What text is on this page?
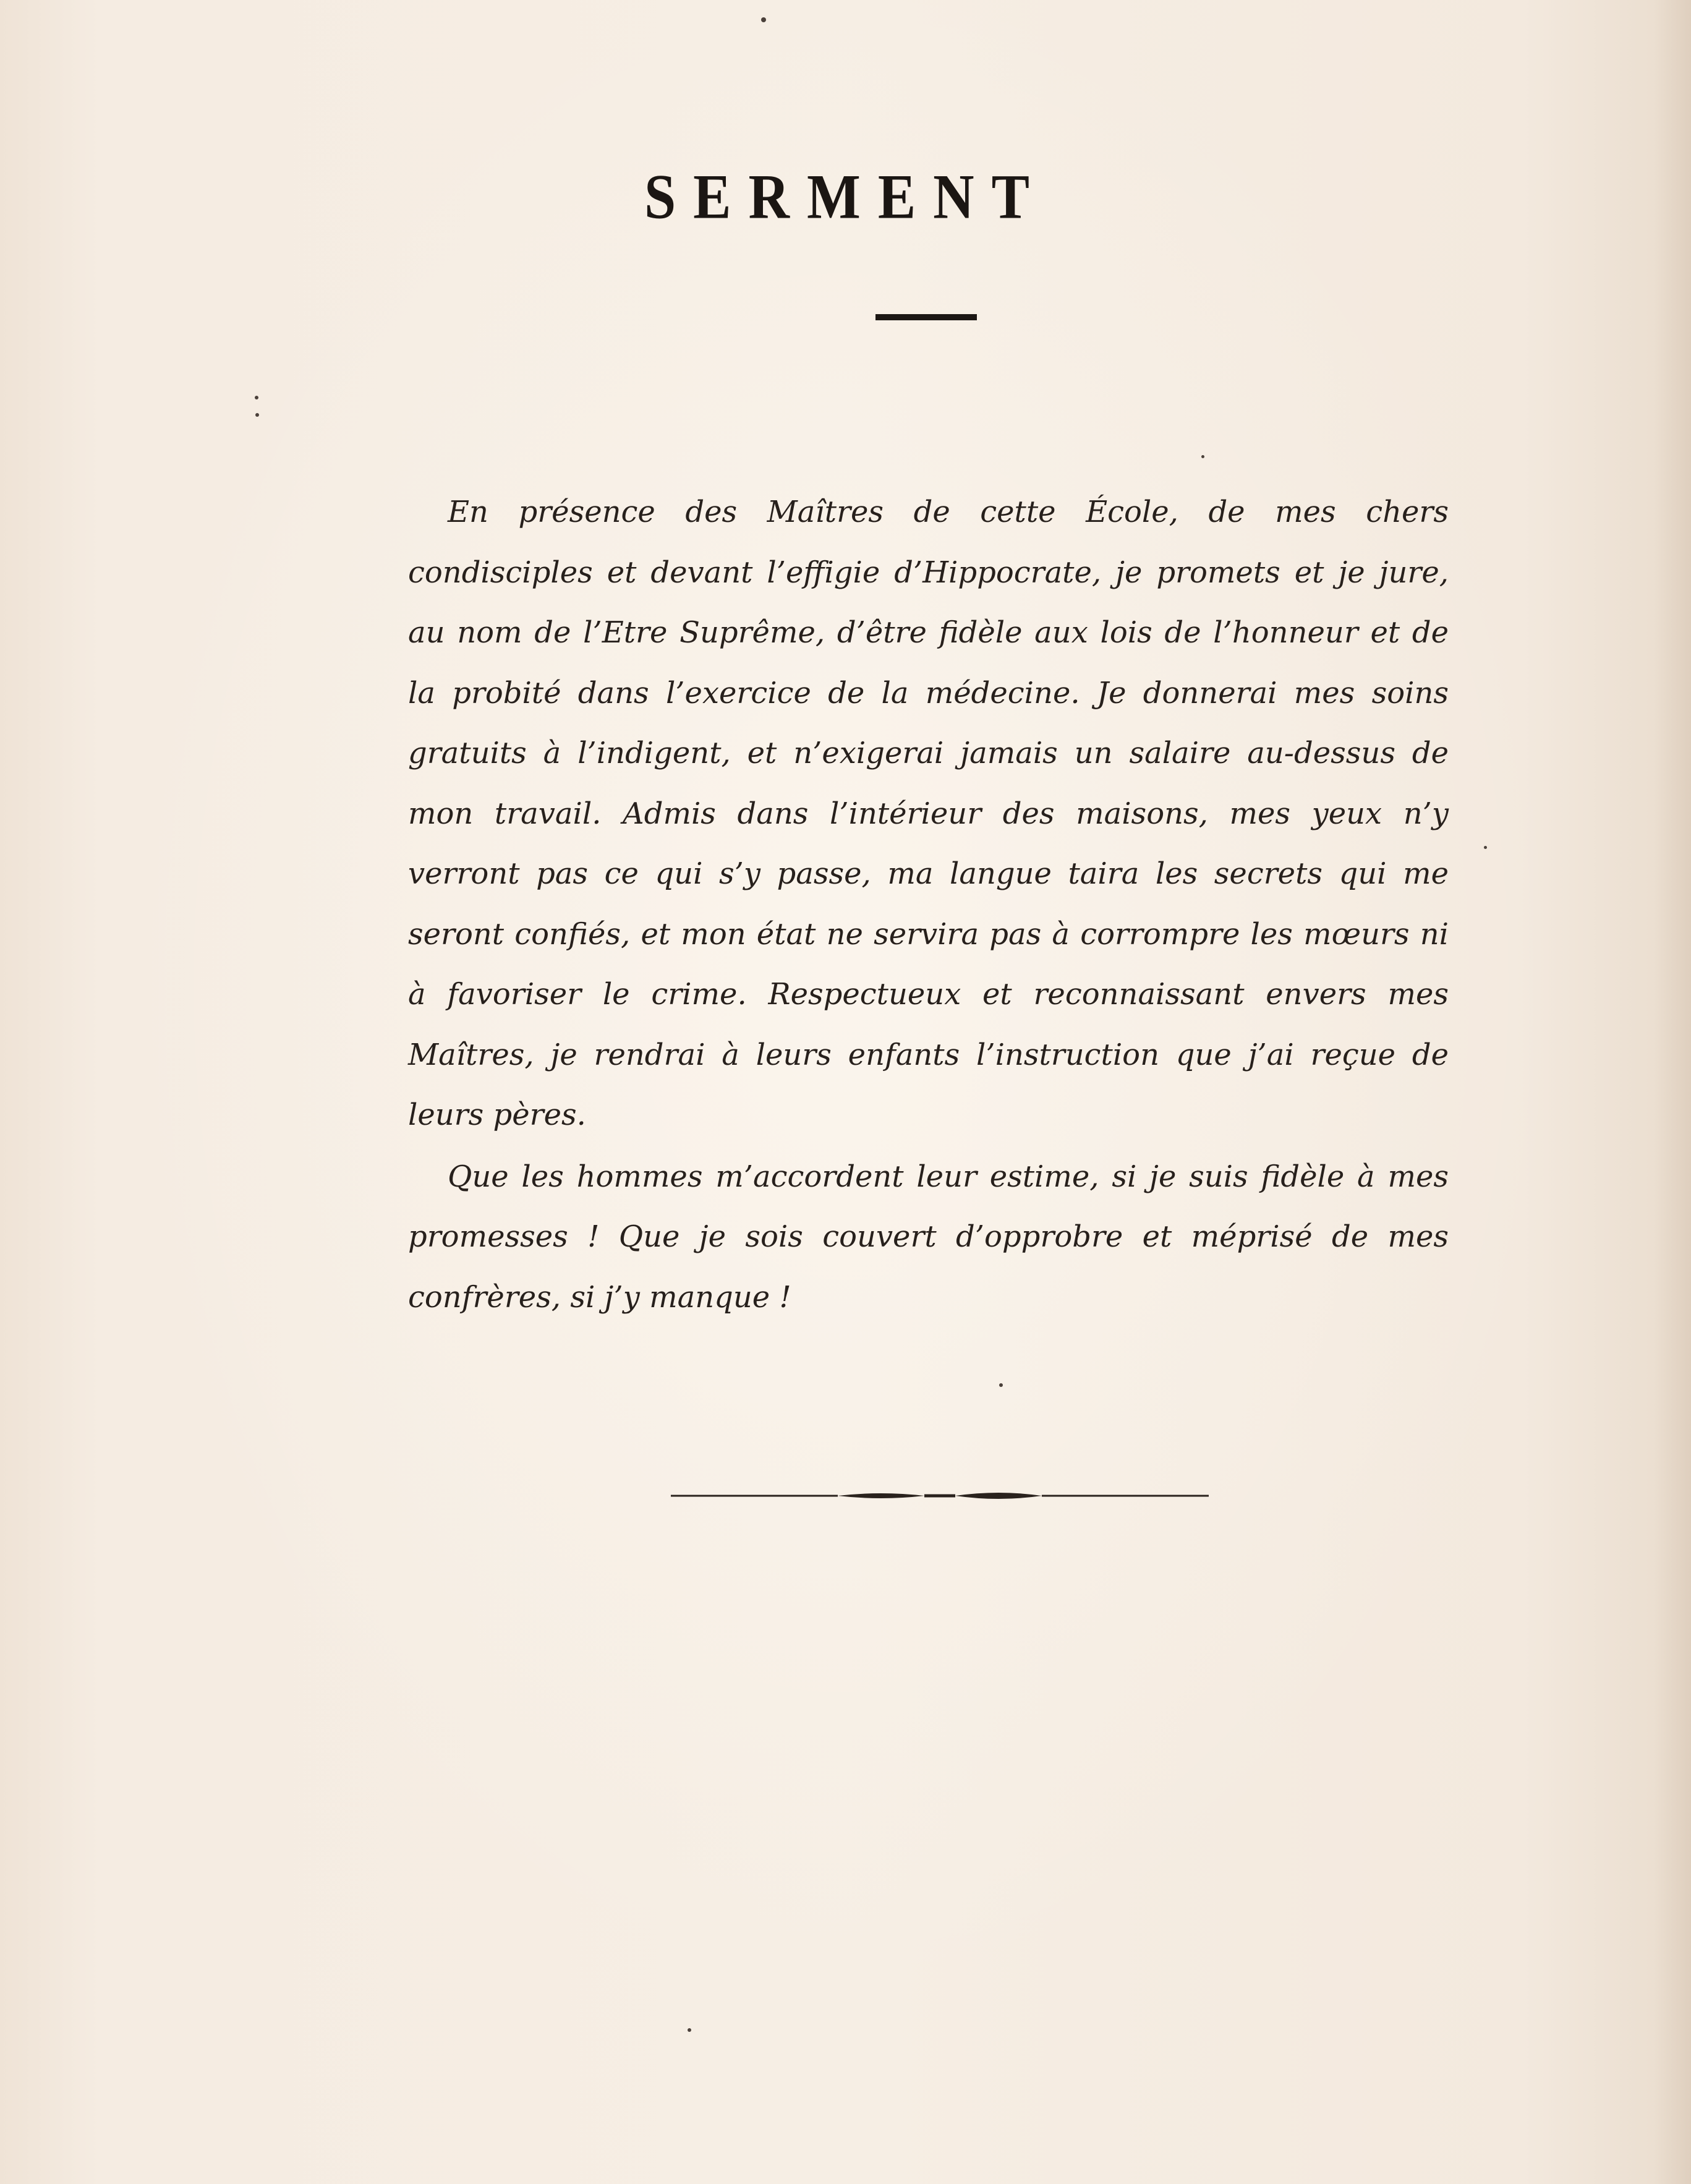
SERMENT

En présence des Maîtres de cette École, de mes chers condisciples et devant l’effigie d’Hippocrate, je promets et je jure, au nom de l’Etre Suprême, d’être fidèle aux lois de l’honneur et de la probité dans l’exercice de la médecine. Je donnerai mes soins gratuits à l’indigent, et n’exigerai jamais un salaire au-dessus de mon travail. Admis dans l’intérieur des maisons, mes yeux n’y verront pas ce qui s’y passe, ma langue taira les secrets qui me seront confiés, et mon état ne servira pas à corrompre les mœurs ni à favoriser le crime. Respectueux et reconnaissant envers mes Maîtres, je rendrai à leurs enfants l’instruction que j’ai reçue de leurs pères.

Que les hommes m’accordent leur estime, si je suis fidèle à mes promesses ! Que je sois couvert d’opprobre et méprisé de mes confrères, si j’y manque !
